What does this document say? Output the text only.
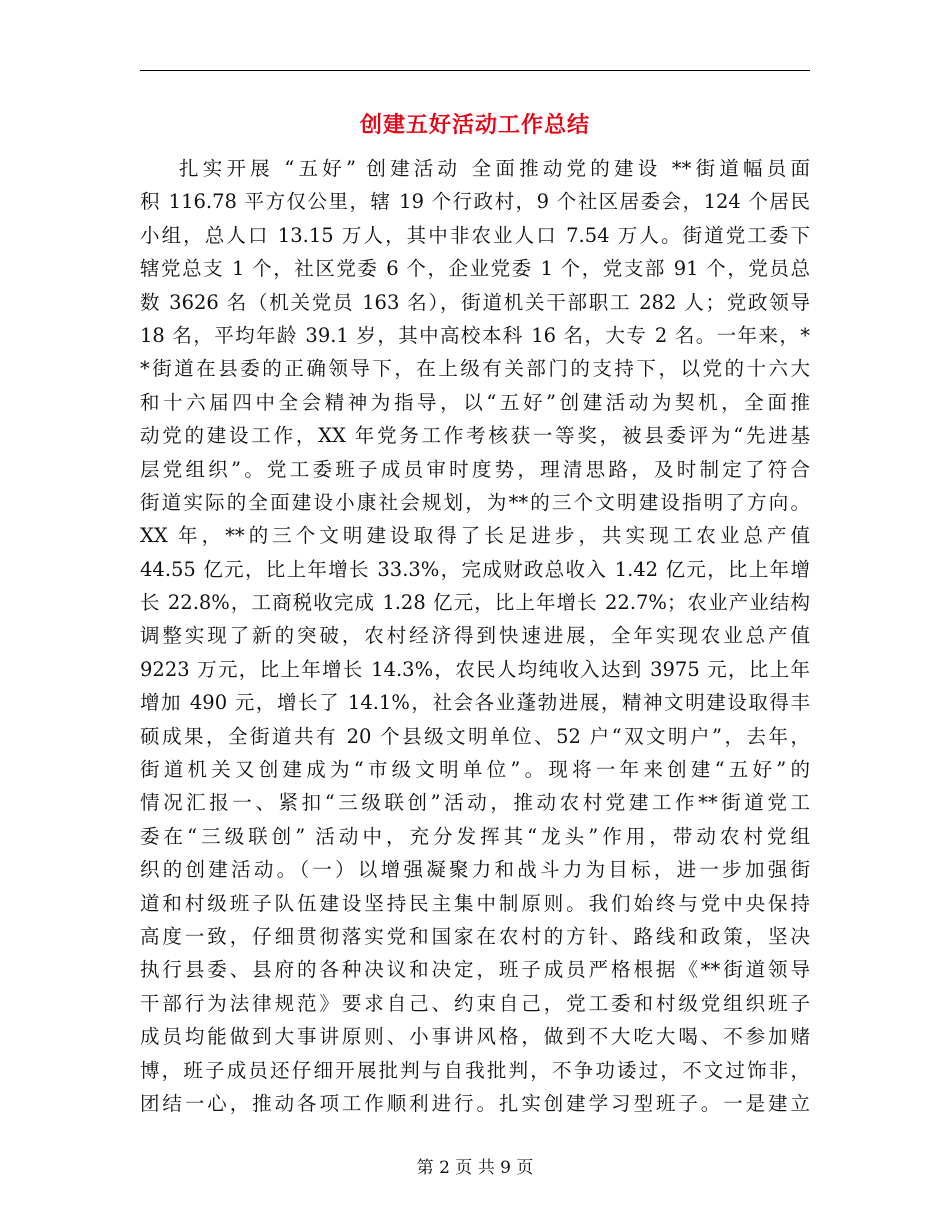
创建五好活动工作总结
扎实开展 “五好” 创建活动 全面推动党的建设 **街道幅员面
积 116.78 平方仅公里，辖 19 个行政村，9 个社区居委会，124 个居民
小组，总人口 13.15 万人，其中非农业人口 7.54 万人。街道党工委下
辖党总支 1 个，社区党委 6 个，企业党委 1 个，党支部 91 个，党员总
数 3626 名（机关党员 163 名），街道机关干部职工 282 人；党政领导
18 名，平均年龄 39.1 岁，其中高校本科 16 名，大专 2 名。一年来，*
*街道在县委的正确领导下，在上级有关部门的支持下，以党的十六大
和十六届四中全会精神为指导，以“五好”创建活动为契机，全面推
动党的建设工作，XX 年党务工作考核获一等奖，被县委评为“先进基
层党组织”。党工委班子成员审时度势，理清思路，及时制定了符合
街道实际的全面建设小康社会规划，为**的三个文明建设指明了方向。
XX 年，**的三个文明建设取得了长足进步，共实现工农业总产值
44.55 亿元，比上年增长 33.3%，完成财政总收入 1.42 亿元，比上年增
长 22.8%，工商税收完成 1.28 亿元，比上年增长 22.7%；农业产业结构
调整实现了新的突破，农村经济得到快速进展，全年实现农业总产值
9223 万元，比上年增长 14.3%，农民人均纯收入达到 3975 元，比上年
增加 490 元，增长了 14.1%，社会各业蓬勃进展，精神文明建设取得丰
硕成果，全街道共有 20 个县级文明单位、52 户“双文明户”，去年，
街道机关又创建成为“市级文明单位”。现将一年来创建“五好”的
情况汇报一、紧扣“三级联创”活动，推动农村党建工作**街道党工
委在“三级联创” 活动中，充分发挥其“龙头”作用，带动农村党组
织的创建活动。（一）以增强凝聚力和战斗力为目标，进一步加强街
道和村级班子队伍建设坚持民主集中制原则。我们始终与党中央保持
高度一致，仔细贯彻落实党和国家在农村的方针、路线和政策，坚决
执行县委、县府的各种决议和决定，班子成员严格根据《**街道领导
干部行为法律规范》要求自己、约束自己，党工委和村级党组织班子
成员均能做到大事讲原则、小事讲风格，做到不大吃大喝、不参加赌
博，班子成员还仔细开展批判与自我批判，不争功诿过，不文过饰非，
团结一心，推动各项工作顺利进行。扎实创建学习型班子。一是建立
第 2 页 共 9 页
